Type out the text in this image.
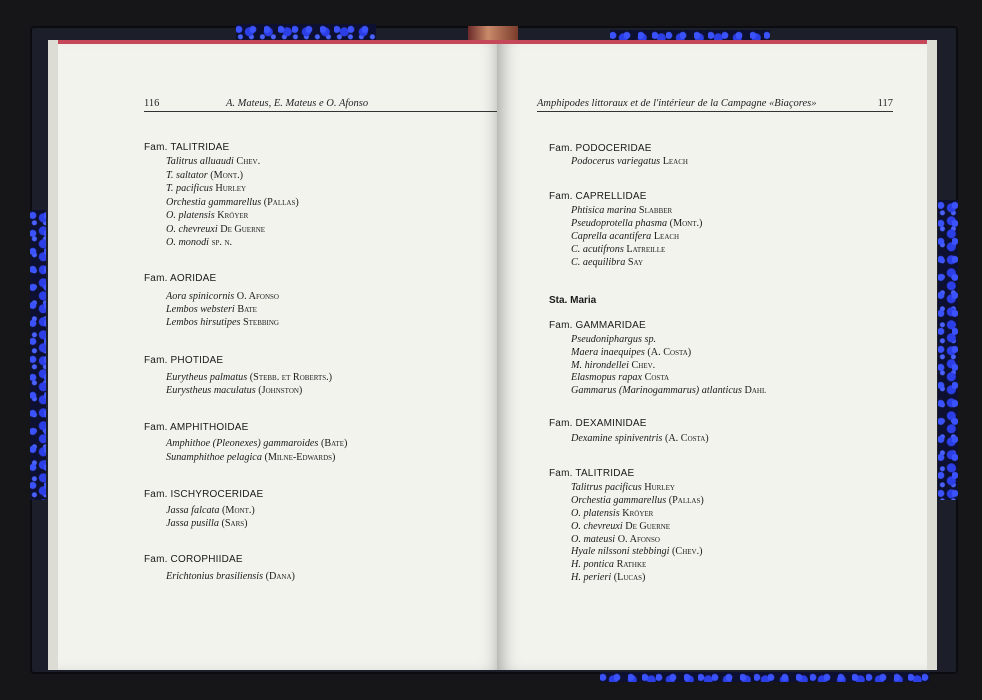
116	A. Mateus, E. Mateus e O. Afonso

Fam. TALITRIDAE
Talitrus alluaudi Chev.
T. saltator (Mont.)
T. pacificus Hurley
Orchestia gammarellus (Pallas)
O. platensis Kröyer
O. chevreuxi De Guerne
O. monodi sp. n.
Fam. AORIDAE
Aora spinicornis O. Afonso
Lembos websteri Bate
Lembos hirsutipes Stebbing
Fam. PHOTIDAE
Eurytheus palmatus (Stebb. et Roberts.)
Eurystheus maculatus (Johnston)
Fam. AMPHITHOIDAE
Amphithoe (Pleonexes) gammaroides (Bate)
Sunamphithoe pelagica (Milne-Edwards)
Fam. ISCHYROCERIDAE
Jassa falcata (Mont.)
Jassa pusilla (Sars)
Fam. COROPHIIDAE
Erichtonius brasiliensis (Dana)
Amphipodes littoraux et de l'intérieur de la Campagne «Biaçores»	117

Fam. PODOCERIDAE
Podocerus variegatus Leach
Fam. CAPRELLIDAE
Phtisica marina Slabber
Pseudoprotella phasma (Mont.)
Caprella acantifera Leach
C. acutifrons Latreille
C. aequilibra Say
Sta. Maria
Fam. GAMMARIDAE
Pseudoniphargus sp.
Maera inaequipes (A. Costa)
M. hirondellei Chev.
Elasmopus rapax Costa
Gammarus (Marinogammarus) atlanticus Dahl
Fam. DEXAMINIDAE
Dexamine spiniventris (A. Costa)
Fam. TALITRIDAE
Talitrus pacificus Hurley
Orchestia gammarellus (Pallas)
O. platensis Kröyer
O. chevreuxi De Guerne
O. mateusi O. Afonso
Hyale nilssoni stebbingi (Chev.)
H. pontica Rathke
H. perieri (Lucas)
